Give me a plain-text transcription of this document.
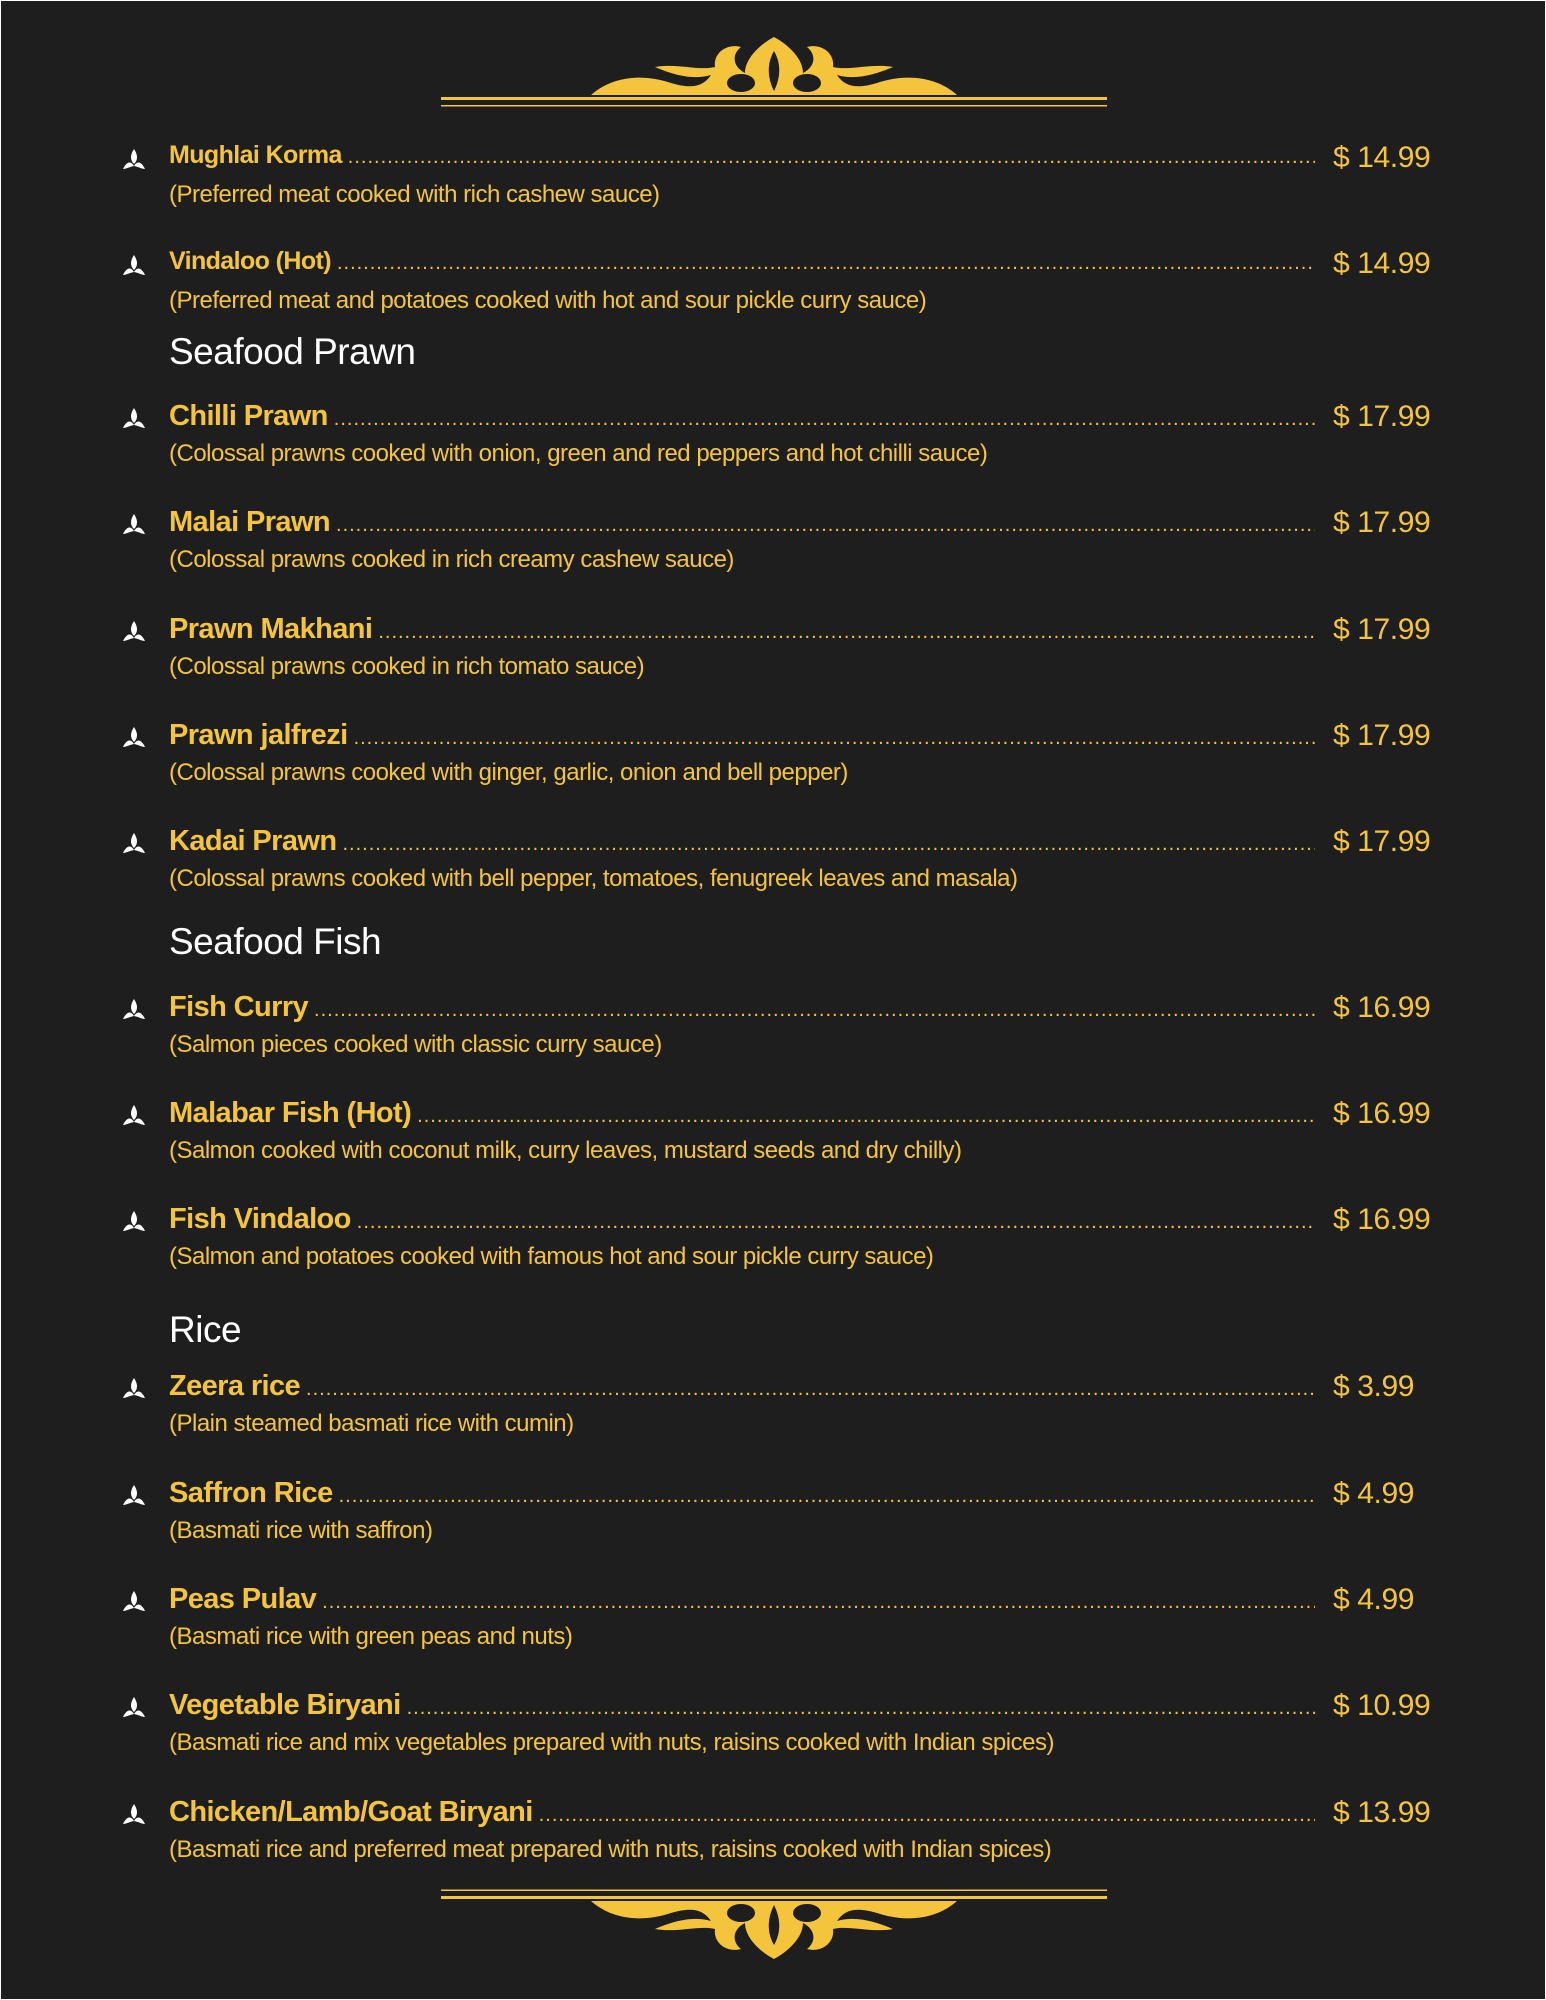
Mughlai Korma .....	$ 14.99
(Preferred meat cooked with rich cashew sauce)
Vindaloo (Hot) .....	$ 14.99
(Preferred meat and potatoes cooked with hot and sour pickle curry sauce)
Seafood Prawn
Chilli Prawn .....	$ 17.99
(Colossal prawns cooked with onion, green and red peppers and hot chilli sauce)
Malai Prawn .....	$ 17.99
(Colossal prawns cooked in rich creamy cashew sauce)
Prawn Makhani .....	$ 17.99
(Colossal prawns cooked in rich tomato sauce)
Prawn jalfrezi .....	$ 17.99
(Colossal prawns cooked with ginger, garlic, onion and bell pepper)
Kadai Prawn .....	$ 17.99
(Colossal prawns cooked with bell pepper, tomatoes, fenugreek leaves and masala)
Seafood Fish
Fish Curry .....	$ 16.99
(Salmon pieces cooked with classic curry sauce)
Malabar Fish (Hot) .....	$ 16.99
(Salmon cooked with coconut milk, curry leaves, mustard seeds and dry chilly)
Fish Vindaloo .....	$ 16.99
(Salmon and potatoes cooked with famous hot and sour pickle curry sauce)
Rice
Zeera rice .....	$ 3.99
(Plain steamed basmati rice with cumin)
Saffron Rice .....	$ 4.99
(Basmati rice with saffron)
Peas Pulav .....	$ 4.99
(Basmati rice with green peas and nuts)
Vegetable Biryani .....	$ 10.99
(Basmati rice and mix vegetables prepared with nuts, raisins cooked with Indian spices)
Chicken/Lamb/Goat Biryani .....	$ 13.99
(Basmati rice and preferred meat prepared with nuts, raisins cooked with Indian spices)
